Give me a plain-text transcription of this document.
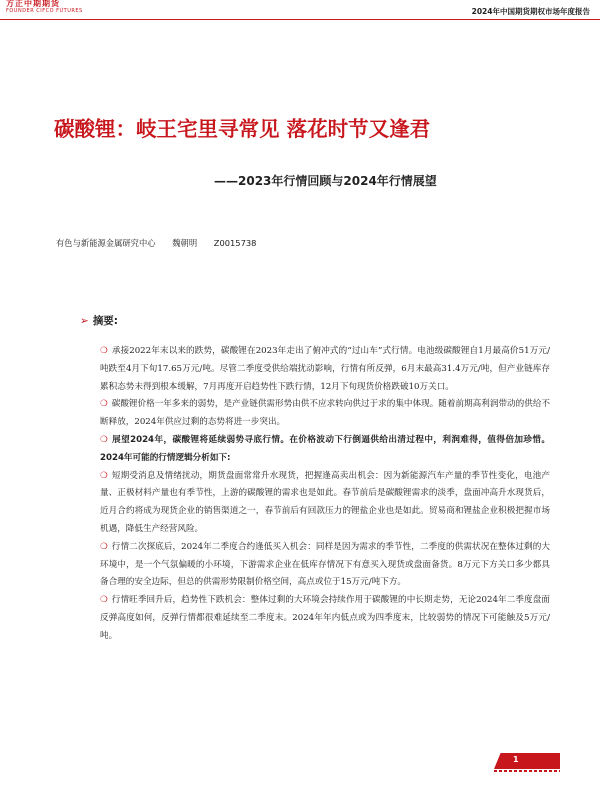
方正中期期货
FOUNDER CIFCO FUTURES	2024年中国期货期权市场年度报告
碳酸锂：岐王宅里寻常见 落花时节又逢君
——2023年行情回顾与2024年行情展望
有色与新能源金属研究中心 魏朝明 Z0015738
➢ 摘要:

❍ 承接2022年末以来的跌势，碳酸锂在2023年走出了俯冲式的“过山车”式行情。电池级碳酸锂自1月最高价51万元/吨跌至4月下旬17.65万元/吨。尽管二季度受供给端扰动影响，行情有所反弹，6月末最高31.4万元/吨，但产业链库存累积态势未得到根本缓解，7月再度开启趋势性下跌行情，12月下旬现货价格跌破10万关口。

❍ 碳酸锂价格一年多来的弱势，是产业链供需形势由供不应求转向供过于求的集中体现。随着前期高利润带动的供给不断释放，2024年供应过剩的态势将进一步突出。

❍ 展望2024年，碳酸锂将延续弱势寻底行情。在价格波动下行倒逼供给出清过程中，利润难得，值得倍加珍惜。2024年可能的行情逻辑分析如下:

❍ 短期受消息及情绪扰动，期货盘面常常升水现货，把握逢高卖出机会：因为新能源汽车产量的季节性变化，电池产量、正极材料产量也有季节性，上游的碳酸锂的需求也是如此。春节前后是碳酸锂需求的淡季，盘面冲高升水现货后，近月合约将成为现货企业的销售渠道之一，春节前后有回款压力的锂盐企业也是如此。贸易商和锂盐企业积极把握市场机遇，降低生产经营风险。

❍ 行情二次探底后，2024年二季度合约逢低买入机会：同样是因为需求的季节性，二季度的供需状况在整体过剩的大环境中，是一个气氛偏暖的小环境，下游需求企业在低库存情况下有意买入现货或盘面备货。8万元下方关口多少都具备合理的安全边际，但总的供需形势限制价格空间，高点或位于15万元/吨下方。

❍ 行情旺季回升后，趋势性下跌机会：整体过剩的大环境会持续作用于碳酸锂的中长期走势，无论2024年二季度盘面反弹高度如何，反弹行情都很难延续至二季度末。2024年年内低点或为四季度末，比较弱势的情况下可能触及5万元/吨。

1
